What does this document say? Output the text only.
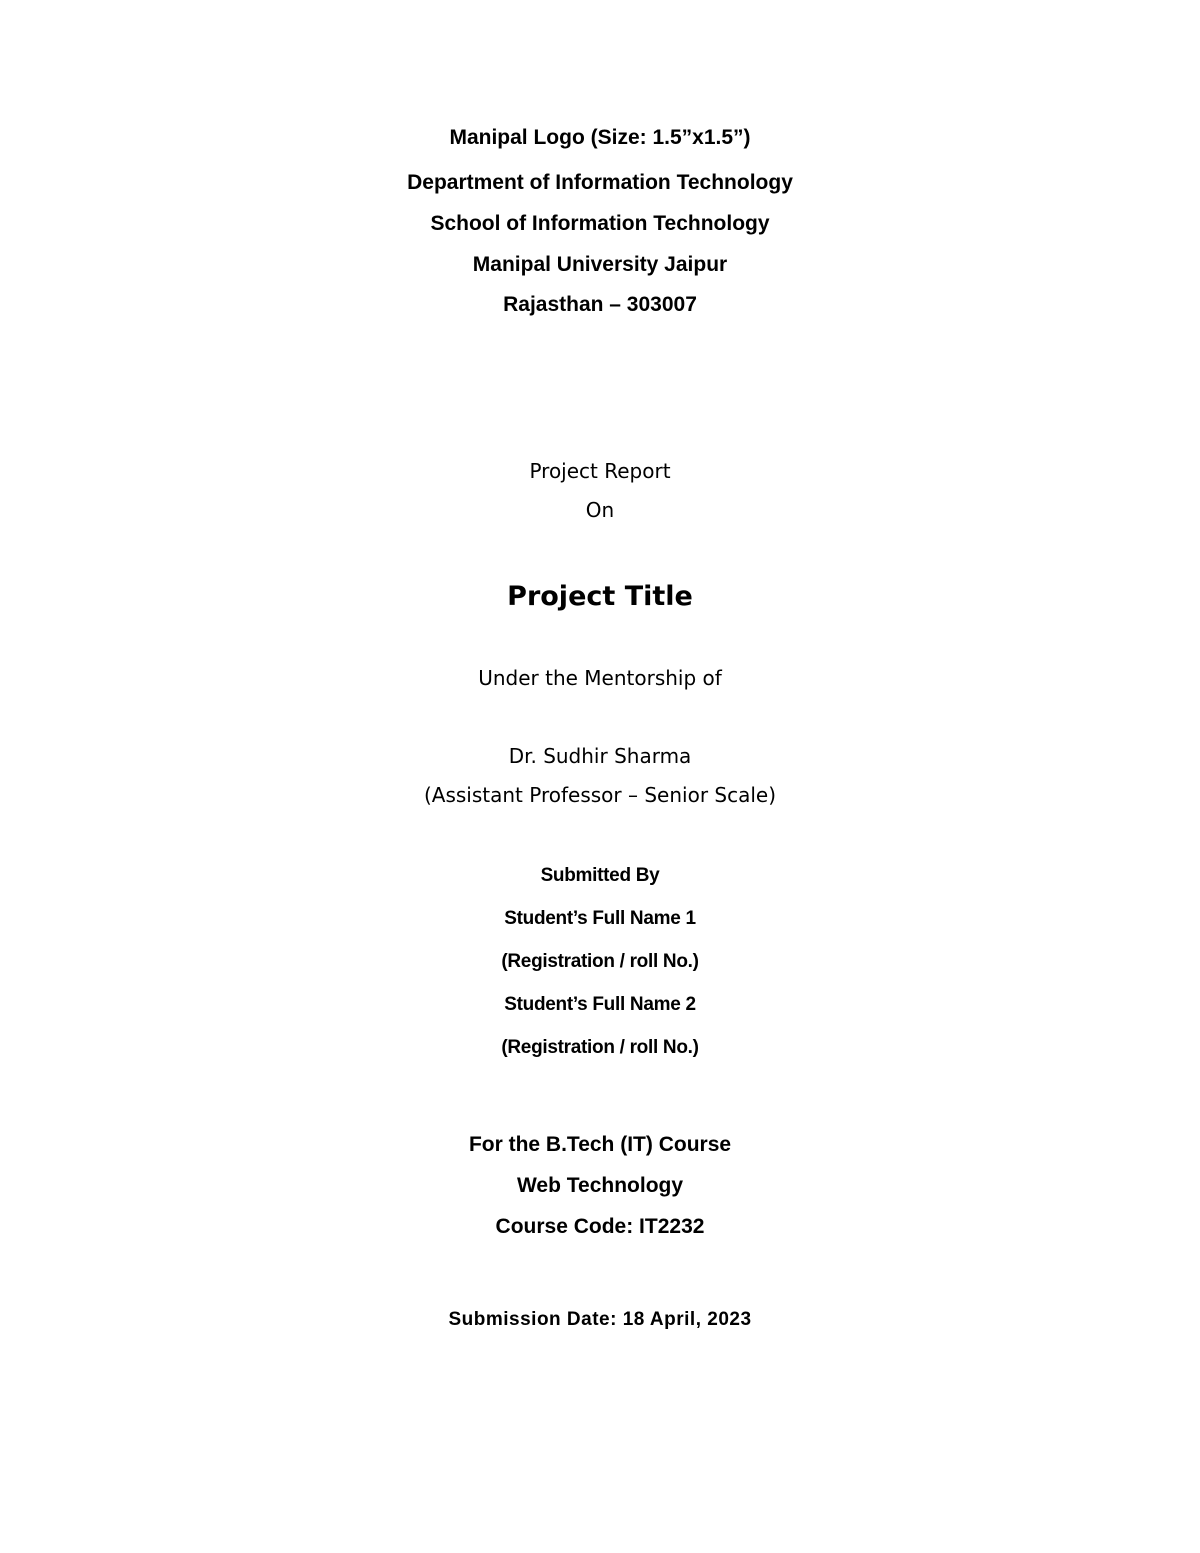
Manipal Logo (Size: 1.5”x1.5”)
Department of Information Technology
School of Information Technology
Manipal University Jaipur
Rajasthan – 303007
Project Report
On
Project Title
Under the Mentorship of
Dr. Sudhir Sharma
(Assistant Professor – Senior Scale)
Submitted By
Student’s Full Name 1
(Registration / roll No.)
Student’s Full Name 2
(Registration / roll No.)
For the B.Tech (IT) Course
Web Technology
Course Code: IT2232
Submission Date: 18 April, 2023
